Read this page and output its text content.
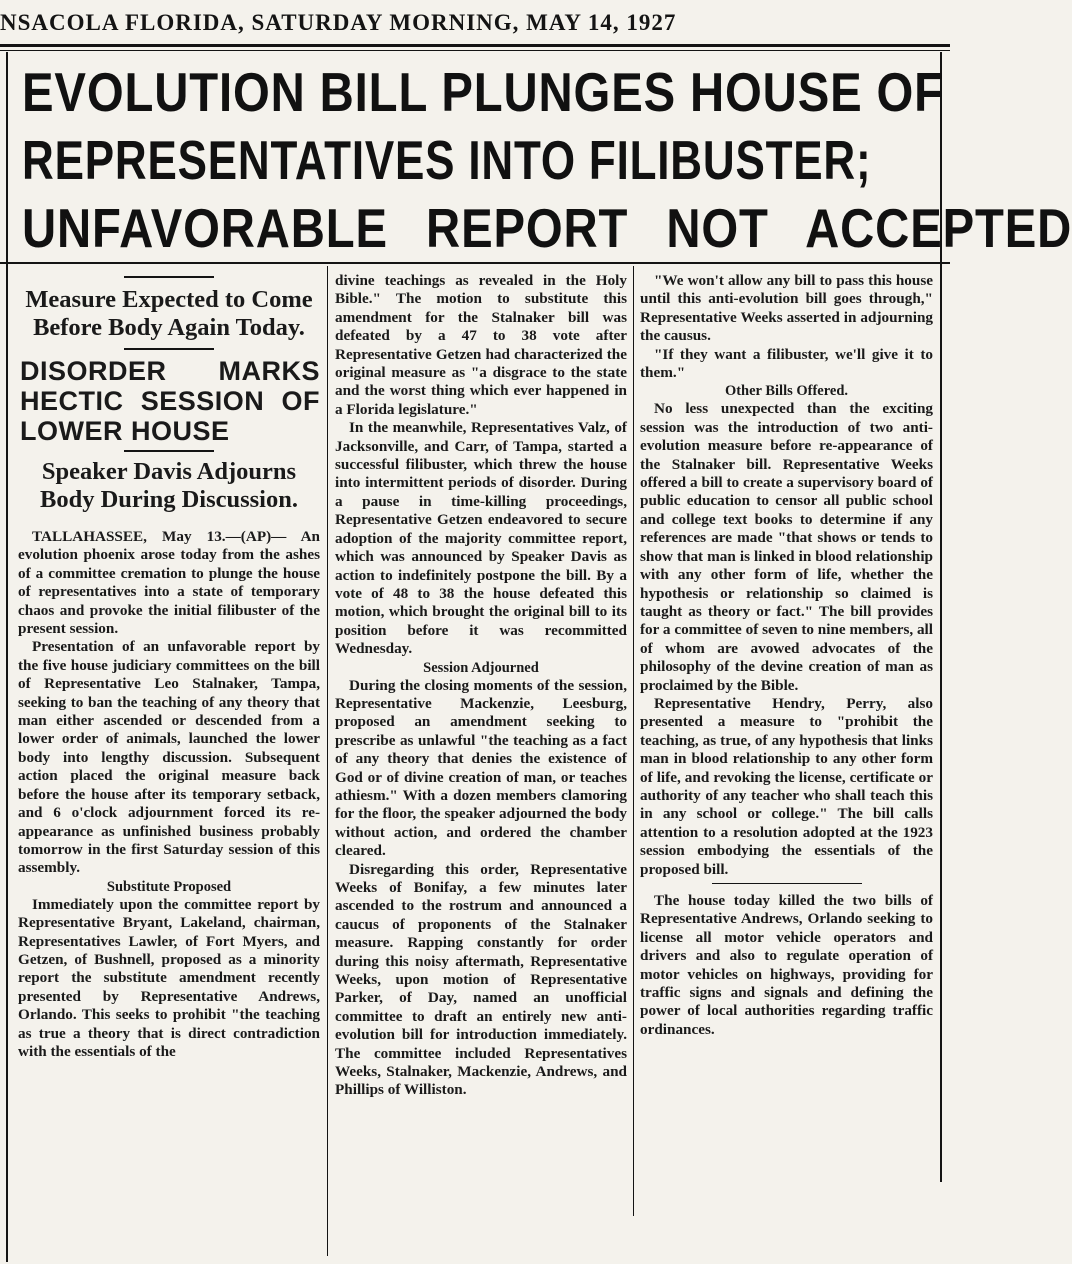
NSACOLA FLORIDA, SATURDAY MORNING, MAY 14, 1927
EVOLUTION BILL PLUNGES HOUSE OF
REPRESENTATIVES INTO FILIBUSTER;
UNFAVORABLE REPORT NOT ACCEPTED
Measure Expected to Come Before Body Again Today.
DISORDER MARKS HECTIC SESSION OF LOWER HOUSE
Speaker Davis Adjourns Body During Discussion.

TALLAHASSEE, May 13.—(AP)— An evolution phoenix arose today from the ashes of a committee cremation to plunge the house of representatives into a state of temporary chaos and provoke the initial filibuster of the present session.

Presentation of an unfavorable report by the five house judiciary committees on the bill of Representative Leo Stalnaker, Tampa, seeking to ban the teaching of any theory that man either ascended or descended from a lower order of animals, launched the lower body into lengthy discussion. Subsequent action placed the original measure back before the house after its temporary setback, and 6 o'clock adjournment forced its re-appearance as unfinished business probably tomorrow in the first Saturday session of this assembly.

Substitute Proposed

Immediately upon the committee report by Representative Bryant, Lakeland, chairman, Representatives Lawler, of Fort Myers, and Getzen, of Bushnell, proposed as a minority report the substitute amendment recently presented by Representative Andrews, Orlando. This seeks to prohibit "the teaching as true a theory that is direct contradiction with the essentials of the

divine teachings as revealed in the Holy Bible." The motion to substitute this amendment for the Stalnaker bill was defeated by a 47 to 38 vote after Representative Getzen had characterized the original measure as "a disgrace to the state and the worst thing which ever happened in a Florida legislature."

In the meanwhile, Representatives Valz, of Jacksonville, and Carr, of Tampa, started a successful filibuster, which threw the house into intermittent periods of disorder. During a pause in time-killing proceedings, Representative Getzen endeavored to secure adoption of the majority committee report, which was announced by Speaker Davis as action to indefinitely postpone the bill. By a vote of 48 to 38 the house defeated this motion, which brought the original bill to its position before it was recommitted Wednesday.

Session Adjourned

During the closing moments of the session, Representative Mackenzie, Leesburg, proposed an amendment seeking to prescribe as unlawful "the teaching as a fact of any theory that denies the existence of God or of divine creation of man, or teaches athiesm." With a dozen members clamoring for the floor, the speaker adjourned the body without action, and ordered the chamber cleared.

Disregarding this order, Representative Weeks of Bonifay, a few minutes later ascended to the rostrum and announced a caucus of proponents of the Stalnaker measure. Rapping constantly for order during this noisy aftermath, Representative Weeks, upon motion of Representative Parker, of Day, named an unofficial committee to draft an entirely new anti-evolution bill for introduction immediately. The committee included Representatives Weeks, Stalnaker, Mackenzie, Andrews, and Phillips of Williston.

"We won't allow any bill to pass this house until this anti-evolution bill goes through," Representative Weeks asserted in adjourning the causus.

"If they want a filibuster, we'll give it to them."

Other Bills Offered.

No less unexpected than the exciting session was the introduction of two anti-evolution measure before re-appearance of the Stalnaker bill. Representative Weeks offered a bill to create a supervisory board of public education to censor all public school and college text books to determine if any references are made "that shows or tends to show that man is linked in blood relationship with any other form of life, whether the hypothesis or relationship so claimed is taught as theory or fact." The bill provides for a committee of seven to nine members, all of whom are avowed advocates of the philosophy of the devine creation of man as proclaimed by the Bible.

Representative Hendry, Perry, also presented a measure to "prohibit the teaching, as true, of any hypothesis that links man in blood relationship to any other form of life, and revoking the license, certificate or authority of any teacher who shall teach this in any school or college." The bill calls attention to a resolution adopted at the 1923 session embodying the essentials of the proposed bill.

The house today killed the two bills of Representative Andrews, Orlando seeking to license all motor vehicle operators and drivers and also to regulate operation of motor vehicles on highways, providing for traffic signs and signals and defining the power of local authorities regarding traffic ordinances.
